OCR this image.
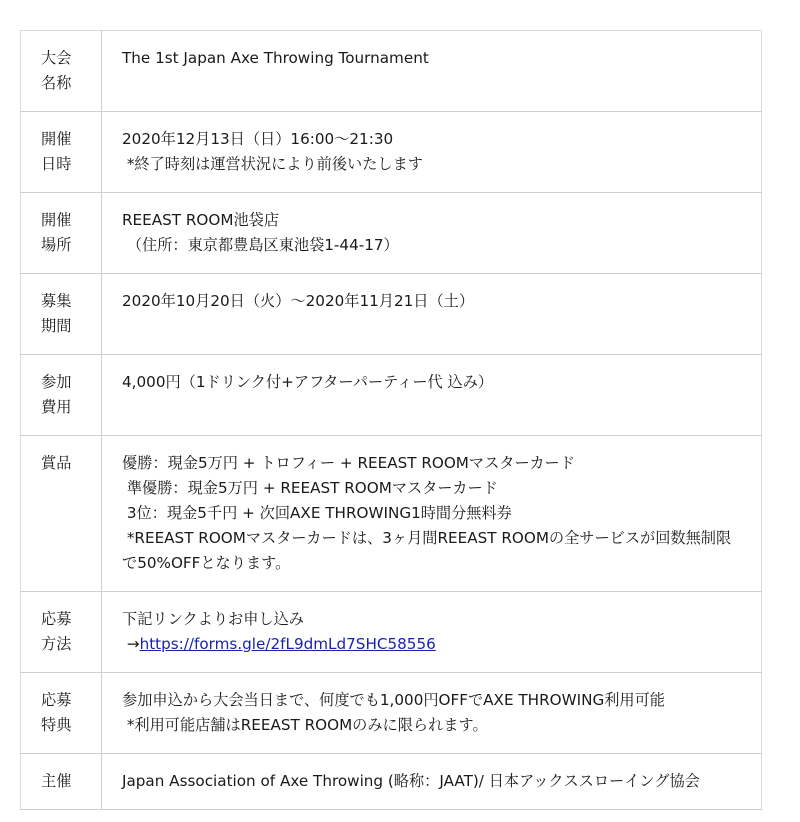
大会
名称	The 1st Japan Axe Throwing Tournament

開催
日時	2020年12月13日（日）16:00〜21:30
*終了時刻は運営状況により前後いたします

開催
場所	REEAST ROOM池袋店
（住所：東京都豊島区東池袋1-44-17）

募集
期間	2020年10月20日（火）〜2020年11月21日（土）

参加
費用	4,000円（1ドリンク付+アフターパーティー代 込み）

賞品	優勝：現金5万円 + トロフィー + REEAST ROOMマスターカード
準優勝：現金5万円 + REEAST ROOMマスターカード
3位：現金5千円 + 次回AXE THROWING1時間分無料券
*REEAST ROOMマスターカードは、3ヶ月間REEAST ROOMの全サービスが回数無制限で50%OFFとなります。

応募
方法	下記リンクよりお申し込み
→https://forms.gle/2fL9dmLd7SHC58556

応募
特典	参加申込から大会当日まで、何度でも1,000円OFFでAXE THROWING利用可能
*利用可能店舗はREEAST ROOMのみに限られます。

主催	Japan Association of Axe Throwing (略称：JAAT)/ 日本アックススローイング協会
